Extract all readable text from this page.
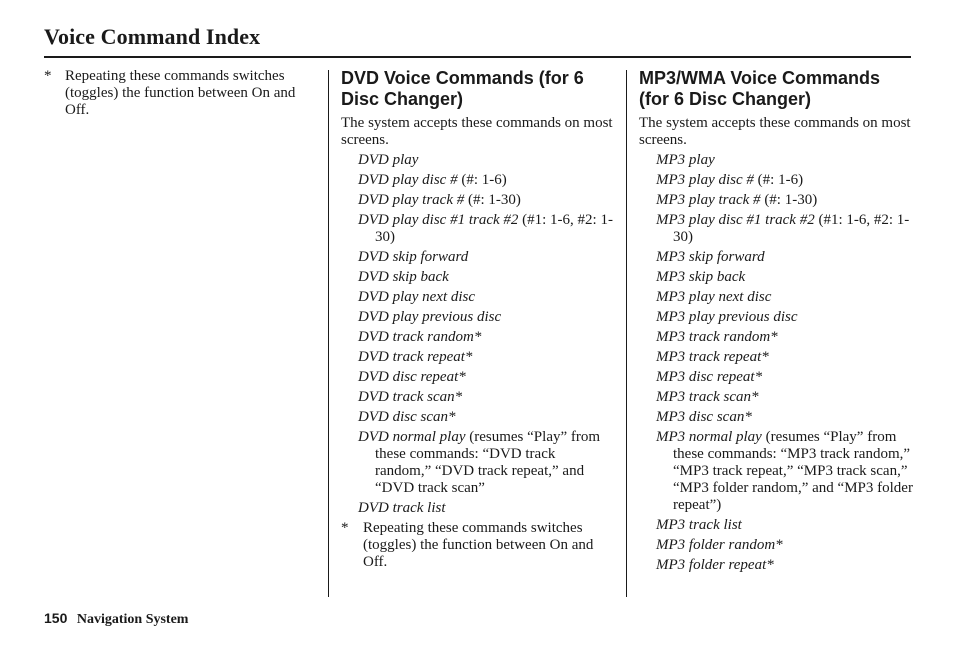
Voice Command Index
* Repeating these commands switches (toggles) the function between On and Off.
DVD Voice Commands (for 6
Disc Changer)
The system accepts these commands on most screens.
DVD play
DVD play disc # (#: 1-6)
DVD play track # (#: 1-30)
DVD play disc #1 track #2 (#1: 1-6, #2: 1-30)
DVD skip forward
DVD skip back
DVD play next disc
DVD play previous disc
DVD track random*
DVD track repeat*
DVD disc repeat*
DVD track scan*
DVD disc scan*
DVD normal play (resumes “Play” from these commands: “DVD track random,” “DVD track repeat,” and “DVD track scan”
DVD track list
* Repeating these commands switches (toggles) the function between On and Off.
MP3/WMA Voice Commands
(for 6 Disc Changer)
The system accepts these commands on most screens.
MP3 play
MP3 play disc # (#: 1-6)
MP3 play track # (#: 1-30)
MP3 play disc #1 track #2 (#1: 1-6, #2: 1-30)
MP3 skip forward
MP3 skip back
MP3 play next disc
MP3 play previous disc
MP3 track random*
MP3 track repeat*
MP3 disc repeat*
MP3 track scan*
MP3 disc scan*
MP3 normal play (resumes “Play” from these commands: “MP3 track random,” “MP3 track repeat,” “MP3 track scan,” “MP3 folder random,” and “MP3 folder repeat”)
MP3 track list
MP3 folder random*
MP3 folder repeat*
150 Navigation System
